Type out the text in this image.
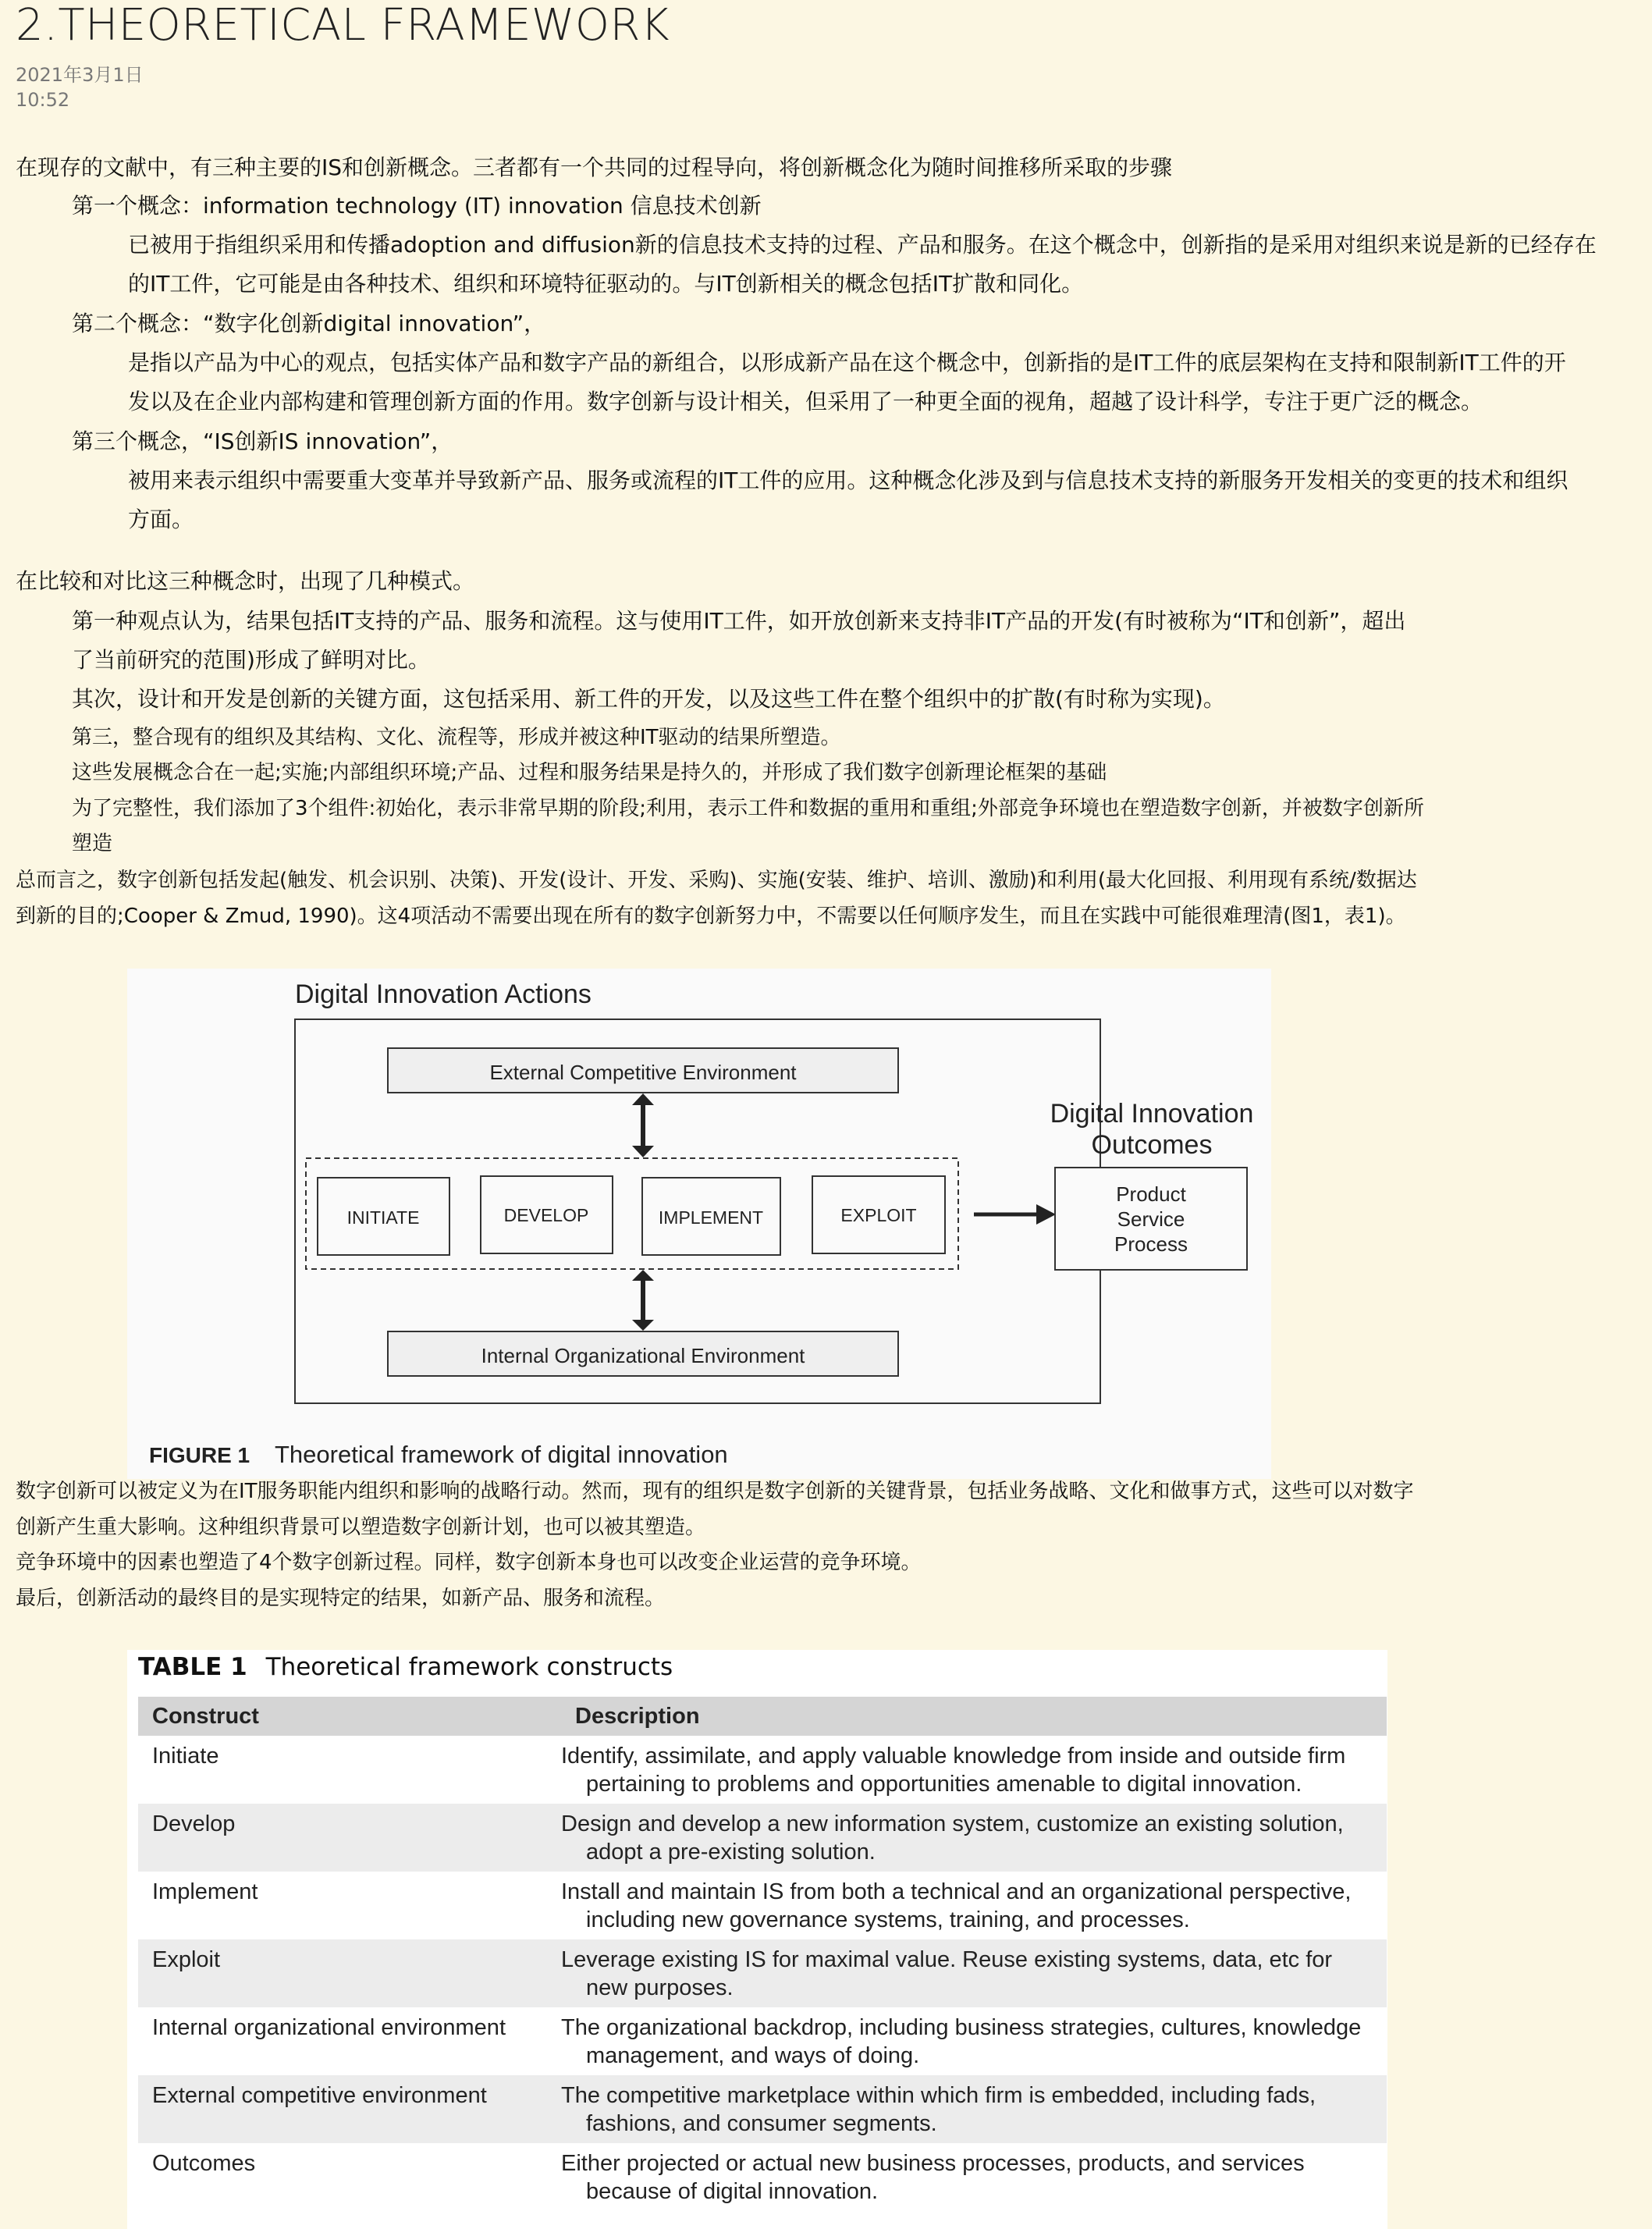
2.THEORETICAL FRAMEWORK
2021年3月1日
10:52
在现存的文献中，有三种主要的IS和创新概念。三者都有一个共同的过程导向，将创新概念化为随时间推移所采取的步骤
第一个概念：information technology (IT) innovation 信息技术创新
已被用于指组织采用和传播adoption and diffusion新的信息技术支持的过程、产品和服务。在这个概念中，创新指的是采用对组织来说是新的已经存在
的IT工件，它可能是由各种技术、组织和环境特征驱动的。与IT创新相关的概念包括IT扩散和同化。
第二个概念：“数字化创新digital innovation”，
是指以产品为中心的观点，包括实体产品和数字产品的新组合，以形成新产品在这个概念中，创新指的是IT工件的底层架构在支持和限制新IT工件的开
发以及在企业内部构建和管理创新方面的作用。数字创新与设计相关，但采用了一种更全面的视角，超越了设计科学，专注于更广泛的概念。
第三个概念，“IS创新IS innovation”，
被用来表示组织中需要重大变革并导致新产品、服务或流程的IT工件的应用。这种概念化涉及到与信息技术支持的新服务开发相关的变更的技术和组织
方面。
在比较和对比这三种概念时，出现了几种模式。
第一种观点认为，结果包括IT支持的产品、服务和流程。这与使用IT工件，如开放创新来支持非IT产品的开发(有时被称为“IT和创新”，超出
了当前研究的范围)形成了鲜明对比。
其次，设计和开发是创新的关键方面，这包括采用、新工件的开发，以及这些工件在整个组织中的扩散(有时称为实现)。
第三，整合现有的组织及其结构、文化、流程等，形成并被这种IT驱动的结果所塑造。
这些发展概念合在一起;实施;内部组织环境;产品、过程和服务结果是持久的，并形成了我们数字创新理论框架的基础
为了完整性，我们添加了3个组件:初始化，表示非常早期的阶段;利用，表示工件和数据的重用和重组;外部竞争环境也在塑造数字创新，并被数字创新所
塑造
总而言之，数字创新包括发起(触发、机会识别、决策)、开发(设计、开发、采购)、实施(安装、维护、培训、激励)和利用(最大化回报、利用现有系统/数据达
到新的目的;Cooper & Zmud, 1990)。这4项活动不需要出现在所有的数字创新努力中，不需要以任何顺序发生，而且在实践中可能很难理清(图1，表1)。
Digital Innovation Actions
External Competitive Environment
INITIATE	DEVELOP	IMPLEMENT	EXPLOIT
Internal Organizational Environment
Digital Innovation
Outcomes
Product
Service
Process
FIGURE 1 Theoretical framework of digital innovation
数字创新可以被定义为在IT服务职能内组织和影响的战略行动。然而，现有的组织是数字创新的关键背景，包括业务战略、文化和做事方式，这些可以对数字
创新产生重大影响。这种组织背景可以塑造数字创新计划，也可以被其塑造。
竞争环境中的因素也塑造了4个数字创新过程。同样，数字创新本身也可以改变企业运营的竞争环境。
最后，创新活动的最终目的是实现特定的结果，如新产品、服务和流程。
TABLE 1 Theoretical framework constructs
Construct	Description
Initiate	Identify, assimilate, and apply valuable knowledge from inside and outside firm
pertaining to problems and opportunities amenable to digital innovation.

Develop	Design and develop a new information system, customize an existing solution,
adopt a pre-existing solution.

Implement	Install and maintain IS from both a technical and an organizational perspective,
including new governance systems, training, and processes.

Exploit	Leverage existing IS for maximal value. Reuse existing systems, data, etc for
new purposes.

Internal organizational environment	The organizational backdrop, including business strategies, cultures, knowledge
management, and ways of doing.

External competitive environment	The competitive marketplace within which firm is embedded, including fads,
fashions, and consumer segments.

Outcomes	Either projected or actual new business processes, products, and services
because of digital innovation.
